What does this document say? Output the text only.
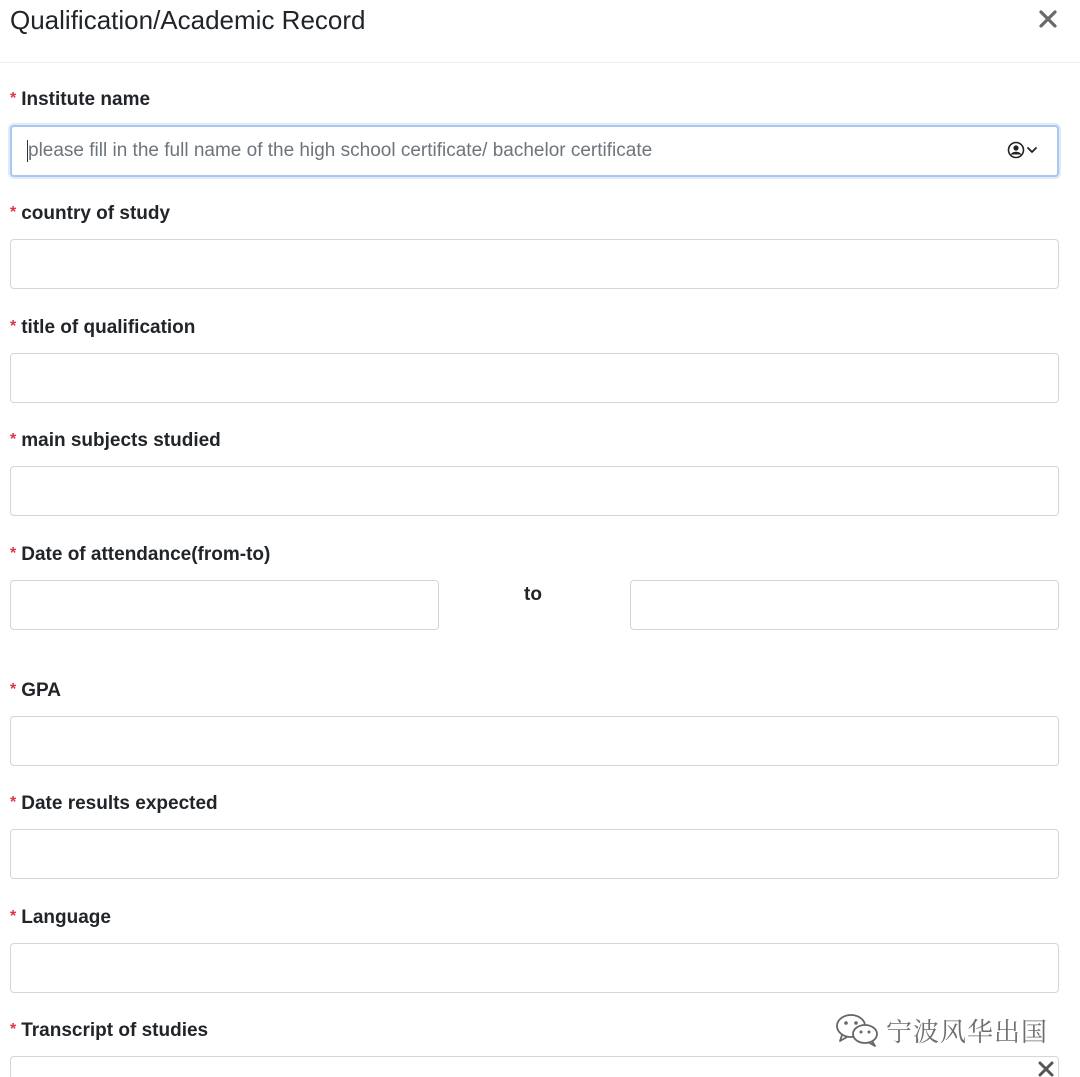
Qualification/Academic Record
* Institute name
please fill in the full name of the high school certificate/ bachelor certificate
* country of study
* title of qualification
* main subjects studied
* Date of attendance(from-to)
to
* GPA
* Date results expected
* Language
* Transcript of studies	宁波风华出国
